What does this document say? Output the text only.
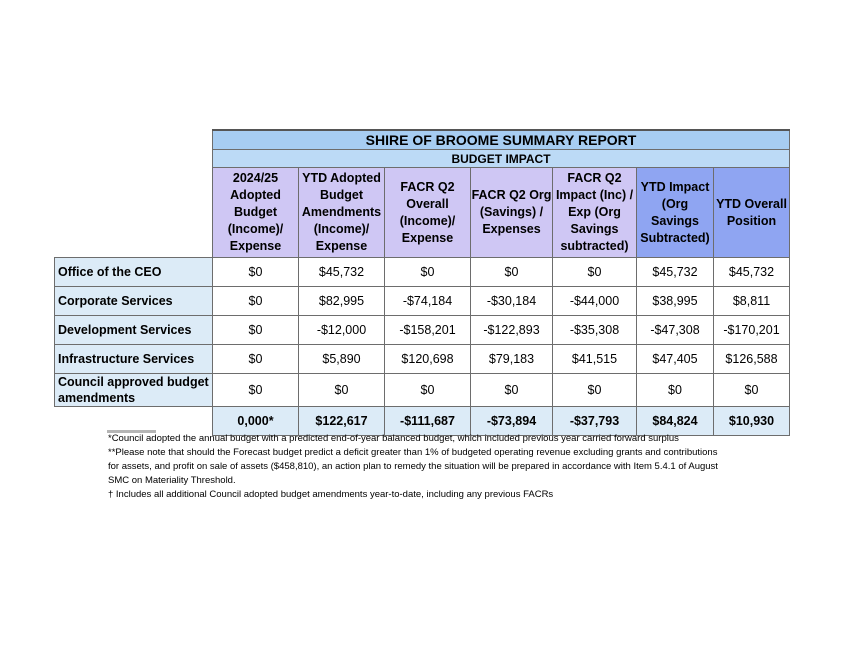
	SHIRE OF BROOME SUMMARY REPORT						
	BUDGET IMPACT						
	2024/25 Adopted Budget (Income)/ Expense	YTD Adopted Budget Amendments (Income)/ Expense	FACR Q2 Overall (Income)/ Expense	FACR Q2 Org (Savings) / Expenses	FACR Q2 Impact (Inc) / Exp (Org Savings subtracted)	YTD Impact (Org Savings Subtracted)	YTD Overall Position
Office of the CEO	$0	$45,732	$0	$0	$0	$45,732	$45,732
Corporate Services	$0	$82,995	-$74,184	-$30,184	-$44,000	$38,995	$8,811
Development Services	$0	-$12,000	-$158,201	-$122,893	-$35,308	-$47,308	-$170,201
Infrastructure Services	$0	$5,890	$120,698	$79,183	$41,515	$47,405	$126,588
Council approved budget amendments	$0	$0	$0	$0	$0	$0	$0
	0,000*	$122,617	-$111,687	-$73,894	-$37,793	$84,824	$10,930

*Council adopted the annual budget with a predicted end-of-year balanced budget, which included previous year carried forward surplus

**Please note that should the Forecast budget predict a deficit greater than 1% of budgeted operating revenue excluding grants and contributions for assets, and profit on sale of assets ($458,810), an action plan to remedy the situation will be prepared in accordance with Item 5.4.1 of August SMC on Materiality Threshold.

† Includes all additional Council adopted budget amendments year-to-date, including any previous FACRs
